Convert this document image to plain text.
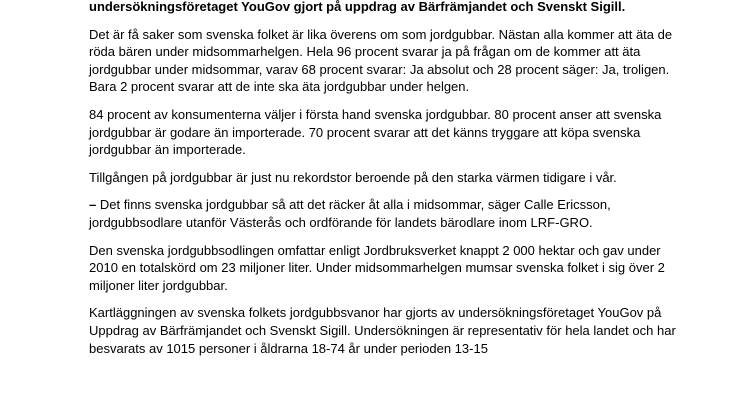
undersökningsföretaget YouGov gjort på uppdrag av Bärfrämjandet och Svenskt Sigill.

Det är få saker som svenska folket är lika överens om som jordgubbar. Nästan alla kommer att äta de röda bären under midsommarhelgen. Hela 96 procent svarar ja på frågan om de kommer att äta jordgubbar under midsommar, varav 68 procent svarar: Ja absolut och 28 procent säger: Ja, troligen. Bara 2 procent svarar att de inte ska äta jordgubbar under helgen.

84 procent av konsumenterna väljer i första hand svenska jordgubbar. 80 procent anser att svenska jordgubbar är godare än importerade. 70 procent svarar att det känns tryggare att köpa svenska jordgubbar än importerade.

Tillgången på jordgubbar är just nu rekordstor beroende på den starka värmen tidigare i vår.

– Det finns svenska jordgubbar så att det räcker åt alla i midsommar, säger Calle Ericsson, jordgubbsodlare utanför Västerås och ordförande för landets bärodlare inom LRF-GRO.

Den svenska jordgubbsodlingen omfattar enligt Jordbruksverket knappt 2 000 hektar och gav under 2010 en totalskörd om 23 miljoner liter. Under midsommarhelgen mumsar svenska folket i sig över 2 miljoner liter jordgubbar.

Kartläggningen av svenska folkets jordgubbsvanor har gjorts av undersökningsföretaget YouGov på Uppdrag av Bärfrämjandet och Svenskt Sigill. Undersökningen är representativ för hela landet och har besvarats av 1015 personer i åldrarna 18-74 år under perioden 13-15
